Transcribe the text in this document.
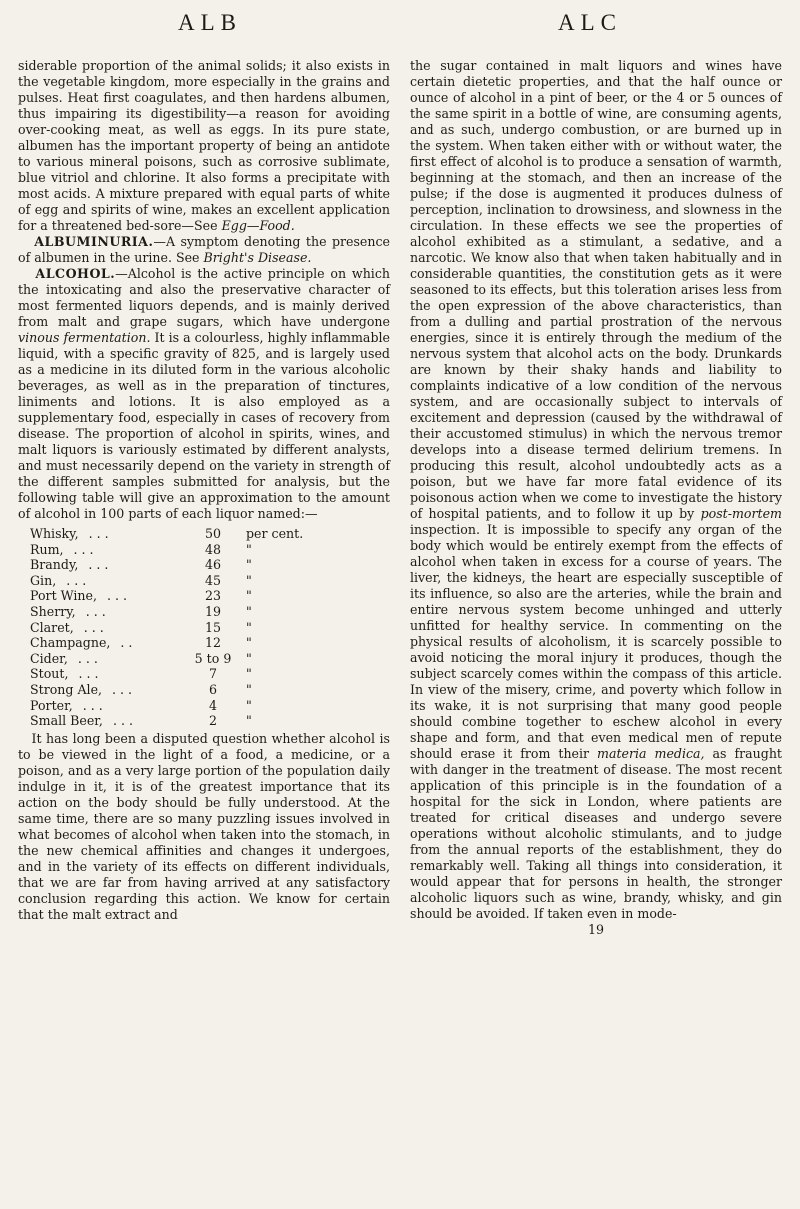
ALB	ALC

siderable proportion of the animal solids; it also exists in the vegetable kingdom, more especially in the grains and pulses. Heat first coagulates, and then hardens albumen, thus impairing its digestibility—a reason for avoiding over-cooking meat, as well as eggs. In its pure state, albumen has the important property of being an antidote to various mineral poisons, such as corrosive sublimate, blue vitriol and chlorine. It also forms a precipitate with most acids. A mixture prepared with equal parts of white of egg and spirits of wine, makes an excellent application for a threatened bed-sore—See Egg—Food.

ALBUMINURIA.—A symptom denoting the presence of albumen in the urine. See Bright's Disease.

ALCOHOL.—Alcohol is the active principle on which the intoxicating and also the preservative character of most fermented liquors depends, and is mainly derived from malt and grape sugars, which have undergone vinous fermentation. It is a colourless, highly inflammable liquid, with a specific gravity of 825, and is largely used as a medicine in its diluted form in the various alcoholic beverages, as well as in the preparation of tinctures, liniments and lotions. It is also employed as a supplementary food, especially in cases of recovery from disease. The proportion of alcohol in spirits, wines, and malt liquors is variously estimated by different analysts, and must necessarily depend on the variety in strength of the different samples submitted for analysis, but the following table will give an approximation to the amount of alcohol in 100 parts of each liquor named:—

Whisky, . . .	50	per cent.
Rum, . . .	48	"
Brandy, . . .	46	"
Gin, . . .	45	"
Port Wine, . . .	23	"
Sherry, . . .	19	"
Claret, . . .	15	"
Champagne, . .	12	"
Cider, . . .	5 to 9	"
Stout, . . .	7	"
Strong Ale, . . .	6	"
Porter, . . .	4	"
Small Beer, . . .	2	"

It has long been a disputed question whether alcohol is to be viewed in the light of a food, a medicine, or a poison, and as a very large portion of the population daily indulge in it, it is of the greatest importance that its action on the body should be fully understood. At the same time, there are so many puzzling issues involved in what becomes of alcohol when taken into the stomach, in the new chemical affinities and changes it undergoes, and in the variety of its effects on different individuals, that we are far from having arrived at any satisfactory conclusion regarding this action. We know for certain that the malt extract and

the sugar contained in malt liquors and wines have certain dietetic properties, and that the half ounce or ounce of alcohol in a pint of beer, or the 4 or 5 ounces of the same spirit in a bottle of wine, are consuming agents, and as such, undergo combustion, or are burned up in the system. When taken either with or without water, the first effect of alcohol is to produce a sensation of warmth, beginning at the stomach, and then an increase of the pulse; if the dose is augmented it produces dulness of perception, inclination to drowsiness, and slowness in the circulation. In these effects we see the properties of alcohol exhibited as a stimulant, a sedative, and a narcotic. We know also that when taken habitually and in considerable quantities, the constitution gets as it were seasoned to its effects, but this toleration arises less from the open expression of the above characteristics, than from a dulling and partial prostration of the nervous energies, since it is entirely through the medium of the nervous system that alcohol acts on the body. Drunkards are known by their shaky hands and liability to complaints indicative of a low condition of the nervous system, and are occasionally subject to intervals of excitement and depression (caused by the withdrawal of their accustomed stimulus) in which the nervous tremor develops into a disease termed delirium tremens. In producing this result, alcohol undoubtedly acts as a poison, but we have far more fatal evidence of its poisonous action when we come to investigate the history of hospital patients, and to follow it up by post-mortem inspection. It is impossible to specify any organ of the body which would be entirely exempt from the effects of alcohol when taken in excess for a course of years. The liver, the kidneys, the heart are especially susceptible of its influence, so also are the arteries, while the brain and entire nervous system become unhinged and utterly unfitted for healthy service. In commenting on the physical results of alcoholism, it is scarcely possible to avoid noticing the moral injury it produces, though the subject scarcely comes within the compass of this article. In view of the misery, crime, and poverty which follow in its wake, it is not surprising that many good people should combine together to eschew alcohol in every shape and form, and that even medical men of repute should erase it from their materia medica, as fraught with danger in the treatment of disease. The most recent application of this principle is in the foundation of a hospital for the sick in London, where patients are treated for critical diseases and undergo severe operations without alcoholic stimulants, and to judge from the annual reports of the establishment, they do remarkably well. Taking all things into consideration, it would appear that for persons in health, the stronger alcoholic liquors such as wine, brandy, whisky, and gin should be avoided. If taken even in mode-

19
